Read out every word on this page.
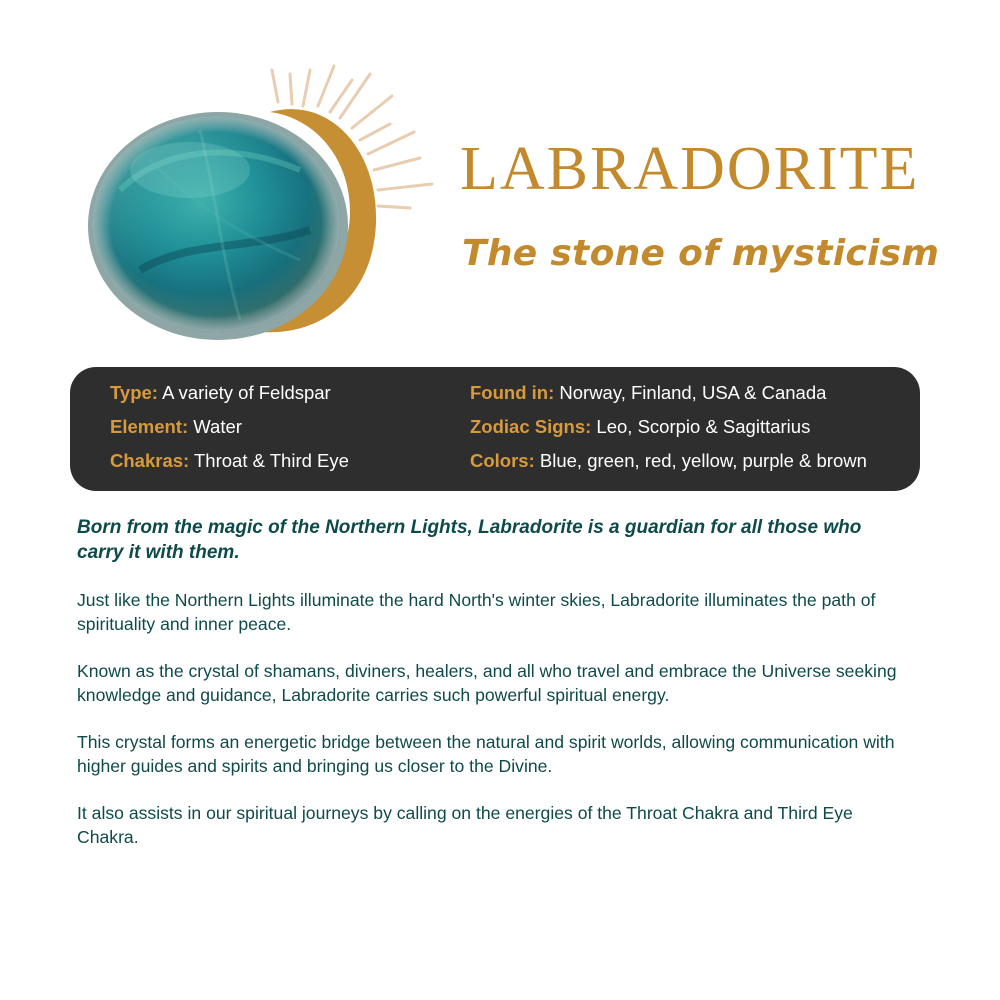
LABRADORITE
The stone of mysticism
Type: A variety of Feldspar
Element: Water
Chakras: Throat & Third Eye
Found in: Norway, Finland, USA & Canada
Zodiac Signs: Leo, Scorpio & Sagittarius
Colors: Blue, green, red, yellow, purple & brown

Born from the magic of the Northern Lights, Labradorite is a guardian for all those who carry it with them.

Just like the Northern Lights illuminate the hard North's winter skies, Labradorite illuminates the path of spirituality and inner peace.

Known as the crystal of shamans, diviners, healers, and all who travel and embrace the Universe seeking knowledge and guidance, Labradorite carries such powerful spiritual energy.

This crystal forms an energetic bridge between the natural and spirit worlds, allowing communication with higher guides and spirits and bringing us closer to the Divine.

It also assists in our spiritual journeys by calling on the energies of the Throat Chakra and Third Eye Chakra.
